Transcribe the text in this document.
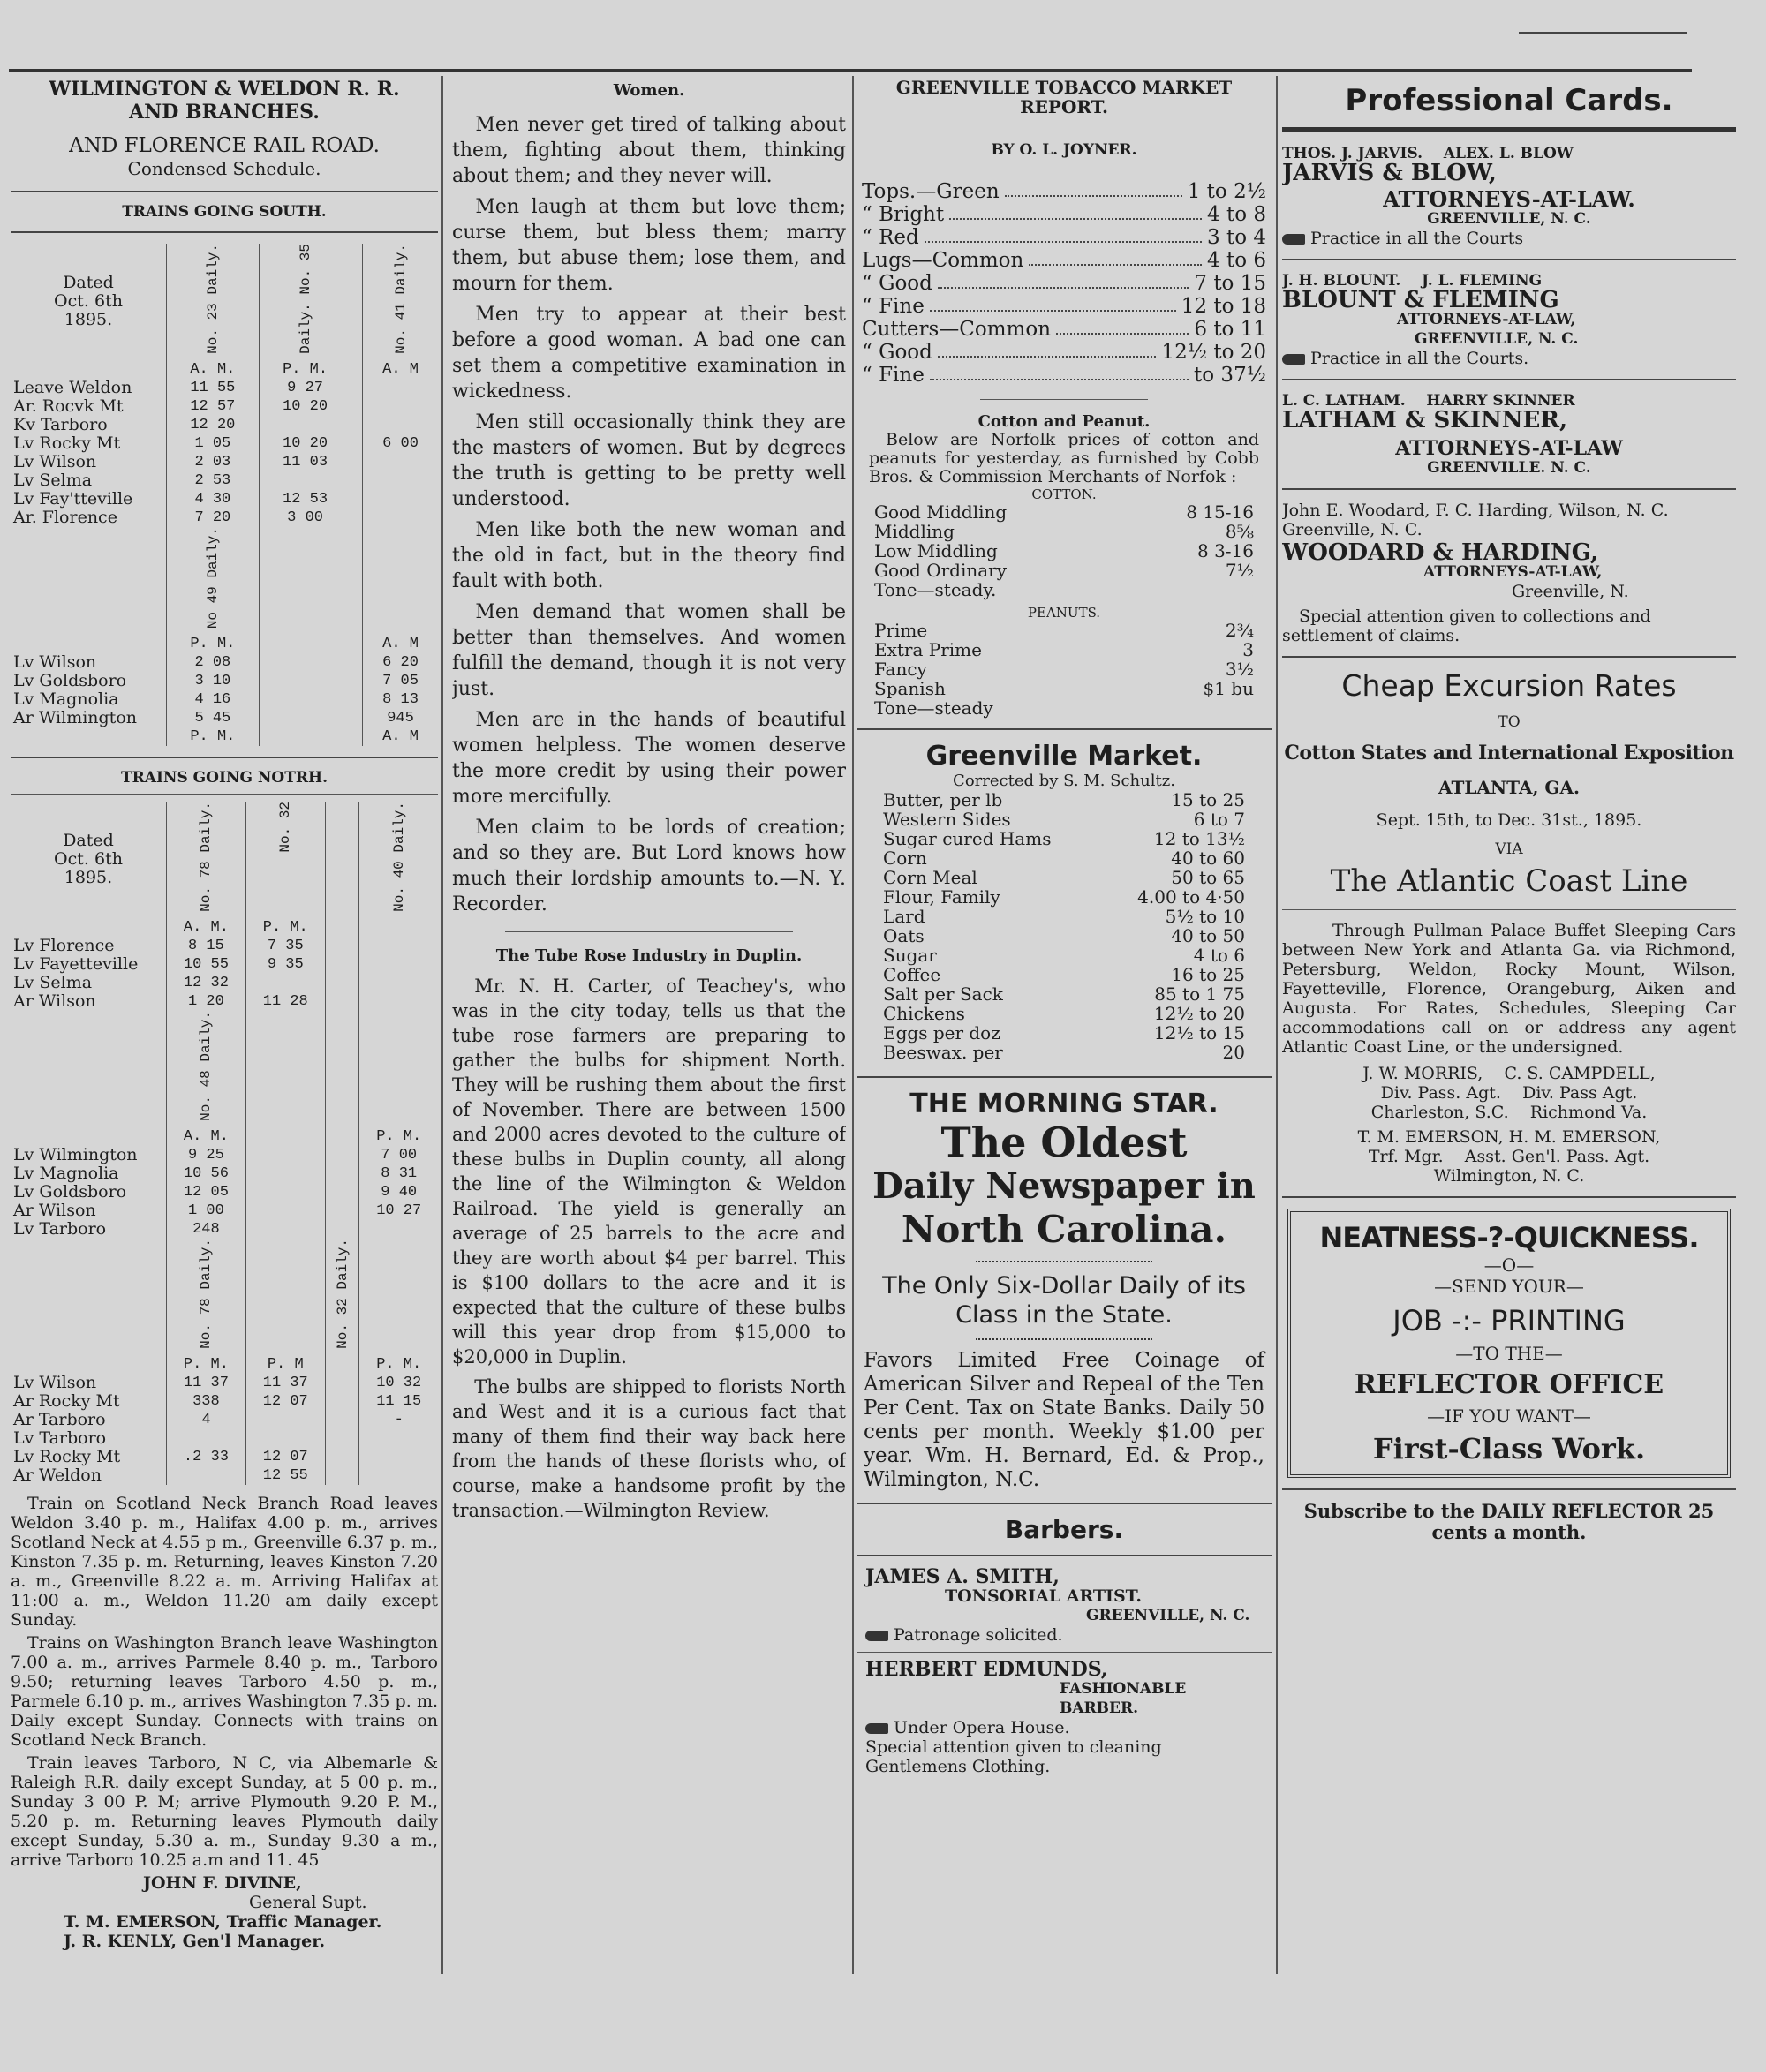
WILMINGTON & WELDON R. R.
AND BRANCHES.
AND FLORENCE RAIL ROAD.
Condensed Schedule.
TRAINS GOING SOUTH.
Dated
Oct. 6th
1895.	No. 23 Daily.	Daily. No. 35		No. 41 Daily.
	A. M.	P. M.		A. M
Leave Weldon	11 55	9 27		
Ar. Rocvk Mt	12 57	10 20		

Kv Tarboro	12 20			

Lv Rocky Mt	1 05	10 20		6 00
Lv Wilson	2 03	11 03		
Lv Selma	2 53			
Lv Fay'tteville	4 30	12 53		
Ar. Florence	7 20	3 00		
	No 49 Daily.			
	P. M.			A. M
Lv Wilson	2 08			6 20
Lv Goldsboro	3 10			7 05
Lv Magnolia	4 16			8 13
Ar Wilmington	5 45			945
	P. M.			A. M
TRAINS GOING NOTRH.
Dated
Oct. 6th
1895.	No. 78 Daily.	No. 32		No. 40 Daily.
	A. M.	P. M.		
Lv Florence	8 15	7 35		
Lv Fayetteville	10 55	9 35		
Lv Selma	12 32			
Ar Wilson	1 20	11 28		
	No. 48 Daily.			
	A. M.			P. M.
Lv Wilmington	9 25			7 00
Lv Magnolia	10 56			8 31
Lv Goldsboro	12 05			9 40
Ar Wilson	1 00			10 27
Lv Tarboro	248			
	No. 78 Daily.		No. 32 Daily.	
	P. M.	P. M		P. M.
Lv Wilson	11 37	11 37		10 32
Ar Rocky Mt	338	12 07		11 15

Ar Tarboro	4			-
Lv Tarboro				
Lv Rocky Mt	.2 33	12 07		
Ar Weldon		12 55		

Train on Scotland Neck Branch Road leaves Weldon 3.40 p. m., Halifax 4.00 p. m., arrives Scotland Neck at 4.55 p m., Greenville 6.37 p. m., Kinston 7.35 p. m. Returning, leaves Kinston 7.20 a. m., Greenville 8.22 a. m. Arriving Halifax at 11:00 a. m., Weldon 11.20 am daily except Sunday.

Trains on Washington Branch leave Washington 7.00 a. m., arrives Parmele 8.40 p. m., Tarboro 9.50; returning leaves Tarboro 4.50 p. m., Parmele 6.10 p. m., arrives Washington 7.35 p. m. Daily except Sunday. Connects with trains on Scotland Neck Branch.

Train leaves Tarboro, N C, via Albemarle & Raleigh R.R. daily except Sunday, at 5 00 p. m., Sunday 3 00 P. M; arrive Plymouth 9.20 P. M., 5.20 p. m. Returning leaves Plymouth daily except Sunday, 5.30 a. m., Sunday 9.30 a m., arrive Tarboro 10.25 a.m and 11. 45

JOHN F. DIVINE,
General Supt.
T. M. EMERSON, Traffic Manager.
J. R. KENLY, Gen'l Manager.
Women.

Men never get tired of talking about them, fighting about them, thinking about them; and they never will.

Men laugh at them but love them; curse them, but bless them; marry them, but abuse them; lose them, and mourn for them.

Men try to appear at their best before a good woman. A bad one can set them a competitive examination in wickedness.

Men still occasionally think they are the masters of women. But by degrees the truth is getting to be pretty well understood.

Men like both the new woman and the old in fact, but in the theory find fault with both.

Men demand that women shall be better than themselves. And women fulfill the demand, though it is not very just.

Men are in the hands of beautiful women helpless. The women deserve the more credit by using their power more mercifully.

Men claim to be lords of creation; and so they are. But Lord knows how much their lordship amounts to.—N. Y. Recorder.

The Tube Rose Industry in Duplin.

Mr. N. H. Carter, of Teachey's, who was in the city today, tells us that the tube rose farmers are preparing to gather the bulbs for shipment North. They will be rushing them about the first of November. There are between 1500 and 2000 acres devoted to the culture of these bulbs in Duplin county, all along the line of the Wilmington & Weldon Railroad. The yield is generally an average of 25 barrels to the acre and they are worth about $4 per barrel. This is $100 dollars to the acre and it is expected that the culture of these bulbs will this year drop from $15,000 to $20,000 in Duplin.

The bulbs are shipped to florists North and West and it is a curious fact that many of them find their way back here from the hands of these florists who, of course, make a handsome profit by the transaction.—Wilmington Review.

GREENVILLE TOBACCO MARKET REPORT.
BY O. L. JOYNER.
Tops.—Green	1 to 2½
“ Bright	4 to 8
“ Red	3 to 4
Lugs—Common	4 to 6
“ Good	7 to 15
“ Fine	12 to 18
Cutters—Common	6 to 11
“ Good	12½ to 20
“ Fine	to 37½
Cotton and Peanut.
Below are Norfolk prices of cotton and peanuts for yesterday, as furnished by Cobb Bros. & Commission Merchants of Norfok :
COTTON.
Good Middling	8 15-16
Middling	8⅝
Low Middling	8 3-16
Good Ordinary	7½
Tone—steady.
PEANUTS.
Prime	2¾
Extra Prime	3
Fancy	3½
Spanish	$1 bu
Tone—steady
Greenville Market.
Corrected by S. M. Schultz.
Butter, per lb	15 to 25
Western Sides	6 to 7
Sugar cured Hams	12 to 13½
Corn	40 to 60
Corn Meal	50 to 65
Flour, Family	4.00 to 4·50
Lard	5½ to 10
Oats	40 to 50
Sugar	4 to 6
Coffee	16 to 25
Salt per Sack	85 to 1 75
Chickens	12½ to 20
Eggs per doz	12½ to 15
Beeswax. per	20
THE MORNING STAR.
The Oldest
Daily Newspaper in
North Carolina.
The Only Six-Dollar Daily of its Class in the State.
Favors Limited Free Coinage of American Silver and Repeal of the Ten Per Cent. Tax on State Banks. Daily 50 cents per month. Weekly $1.00 per year. Wm. H. Bernard, Ed. & Prop., Wilmington, N.C.
Barbers.
JAMES A. SMITH,
TONSORIAL ARTIST.
GREENVILLE, N. C.
Patronage solicited.
HERBERT EDMUNDS,
FASHIONABLE BARBER.
Under Opera House.
Special attention given to cleaning Gentlemens Clothing.
Professional Cards.
THOS. J. JARVIS.    ALEX. L. BLOW
JARVIS & BLOW,
ATTORNEYS-AT-LAW.
GREENVILLE, N. C.
Practice in all the Courts
J. H. BLOUNT.    J. L. FLEMING
BLOUNT & FLEMING
ATTORNEYS-AT-LAW,
GREENVILLE, N. C.
Practice in all the Courts.
L. C. LATHAM.    HARRY SKINNER
LATHAM & SKINNER,
ATTORNEYS-AT-LAW
GREENVILLE. N. C.
John E. Woodard, F. C. Harding, Wilson, N. C. Greenville, N. C.
WOODARD & HARDING,
ATTORNEYS-AT-LAW,
Greenville, N.
Special attention given to collections and settlement of claims.
Cheap Excursion Rates
TO
Cotton States and International Exposition
ATLANTA, GA.
Sept. 15th, to Dec. 31st., 1895.
VIA
The Atlantic Coast Line
Through Pullman Palace Buffet Sleeping Cars between New York and Atlanta Ga. via Richmond, Petersburg, Weldon, Rocky Mount, Wilson, Fayetteville, Florence, Orangeburg, Aiken and Augusta. For Rates, Schedules, Sleeping Car accommodations call on or address any agent Atlantic Coast Line, or the undersigned.
J. W. MORRIS,    C. S. CAMPDELL,
Div. Pass. Agt.    Div. Pass Agt.
Charleston, S.C.    Richmond Va.
T. M. EMERSON, H. M. EMERSON,
Trf. Mgr.    Asst. Gen'l. Pass. Agt.
Wilmington, N. C.
NEATNESS-?-QUICKNESS.
—O—
—SEND YOUR—
JOB -:- PRINTING
—TO THE—
REFLECTOR OFFICE
—IF YOU WANT—
First-Class Work.
Subscribe to the DAILY REFLECTOR 25 cents a month.
